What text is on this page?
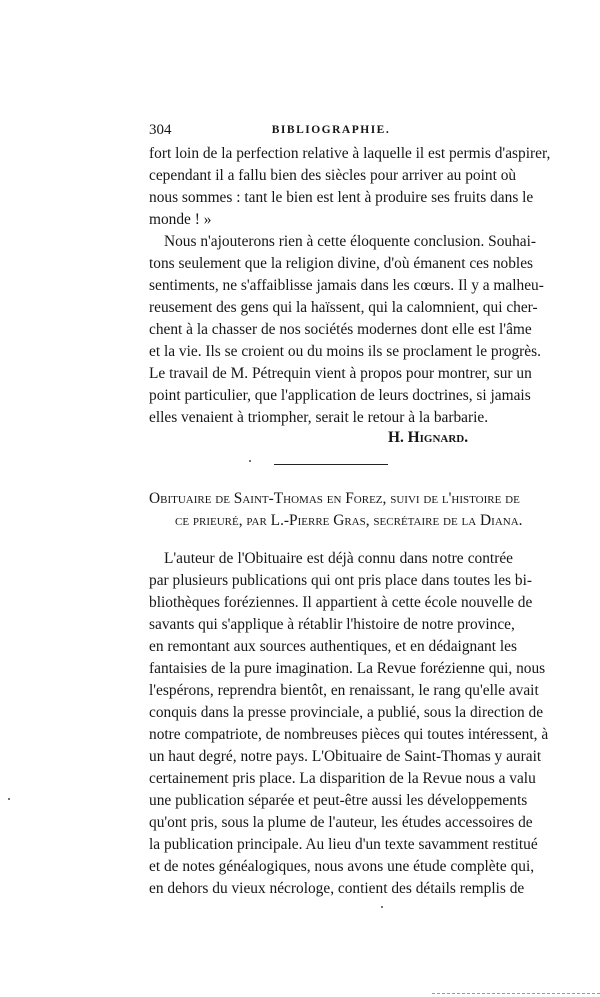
304	BIBLIOGRAPHIE.
fort loin de la perfection relative à laquelle il est permis d'aspirer,
cependant il a fallu bien des siècles pour arriver au point où
nous sommes : tant le bien est lent à produire ses fruits dans le
monde ! »
Nous n'ajouterons rien à cette éloquente conclusion. Souhai-
tons seulement que la religion divine, d'où émanent ces nobles
sentiments, ne s'affaiblisse jamais dans les cœurs. Il y a malheu-
reusement des gens qui la haïssent, qui la calomnient, qui cher-
chent à la chasser de nos sociétés modernes dont elle est l'âme
et la vie. Ils se croient ou du moins ils se proclament le progrès.
Le travail de M. Pétrequin vient à propos pour montrer, sur un
point particulier, que l'application de leurs doctrines, si jamais
elles venaient à triompher, serait le retour à la barbarie.
H. Hignard.
Obituaire de Saint-Thomas en Forez, suivi de l'histoire de
ce prieuré, par L.-Pierre Gras, secrétaire de la Diana.
L'auteur de l'Obituaire est déjà connu dans notre contrée
par plusieurs publications qui ont pris place dans toutes les bi-
bliothèques foréziennes. Il appartient à cette école nouvelle de
savants qui s'applique à rétablir l'histoire de notre province,
en remontant aux sources authentiques, et en dédaignant les
fantaisies de la pure imagination. La Revue forézienne qui, nous
l'espérons, reprendra bientôt, en renaissant, le rang qu'elle avait
conquis dans la presse provinciale, a publié, sous la direction de
notre compatriote, de nombreuses pièces qui toutes intéressent, à
un haut degré, notre pays. L'Obituaire de Saint-Thomas y aurait
certainement pris place. La disparition de la Revue nous a valu
une publication séparée et peut-être aussi les développements
qu'ont pris, sous la plume de l'auteur, les études accessoires de
la publication principale. Au lieu d'un texte savamment restitué
et de notes généalogiques, nous avons une étude complète qui,
en dehors du vieux nécrologe, contient des détails remplis de
